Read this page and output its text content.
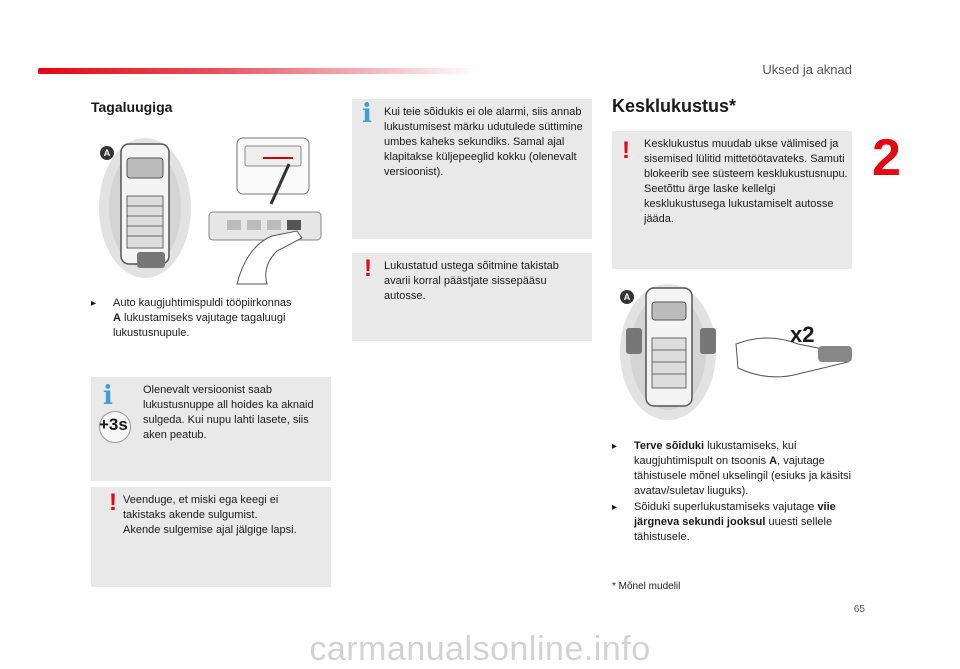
Uksed ja aknad
2
Tagaluugiga
A
▸ Auto kaugjuhtimispuldi tööpiirkonnas
A lukustamiseks vajutage tagaluugi lukustusnupule.

i
+3s

Olenevalt versioonist saab lukustusnuppe all hoides ka aknaid sulgeda. Kui nupu lahti lasete, siis aken peatub.

! Veenduge, et miski ega keegi ei takistaks akende sulgumist.
Akende sulgemise ajal jälgige lapsi.

i Kui teie sõidukis ei ole alarmi, siis annab lukustumisest märku udutulede süttimine umbes kaheks sekundiks. Samal ajal klapitakse küljepeeglid kokku (olenevalt versioonist).

! Lukustatud ustega sõitmine takistab avarii korral päästjate sissepääsu autosse.

Kesklukustus*
! Kesklukustus muudab ukse välimised ja sisemised lülitid mittetöötavateks. Samuti blokeerib see süsteem kesklukustusnupu. Seetõttu ärge laske kellelgi kesklukustusega lukustamiselt autosse jääda.

A
x2
▸ Terve sõiduki lukustamiseks, kui kaugjuhtimispult on tsoonis A, vajutage tähistusele mõnel ukselingil (esiuks ja käsitsi avatav/suletav liuguks).

▸ Sõiduki superlukustamiseks vajutage viie järgneva sekundi jooksul uuesti sellele tähistusele.

* Mõnel mudelil

65
carmanualsonline.info
